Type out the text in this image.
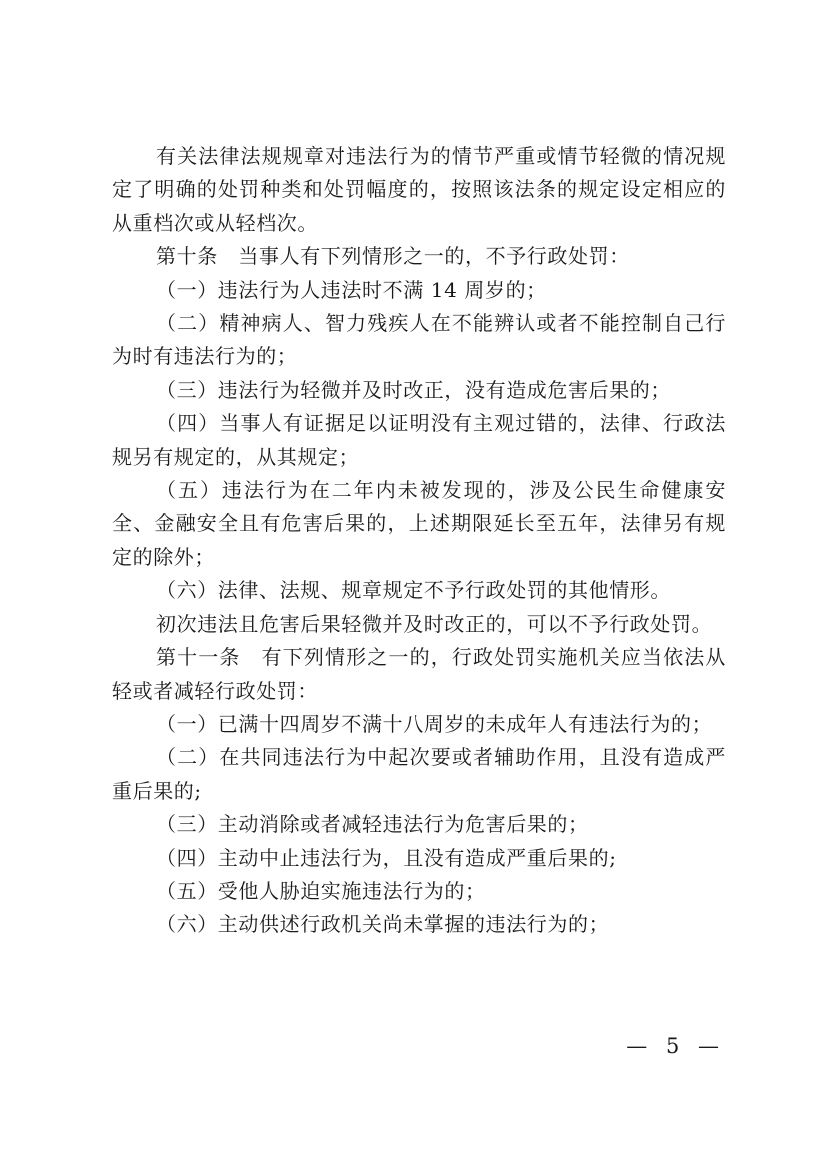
有关法律法规规章对违法行为的情节严重或情节轻微的情况规定了明确的处罚种类和处罚幅度的，按照该法条的规定设定相应的从重档次或从轻档次。

第十条　当事人有下列情形之一的，不予行政处罚：

（一）违法行为人违法时不满 14 周岁的；

（二）精神病人、智力残疾人在不能辨认或者不能控制自己行为时有违法行为的；

（三）违法行为轻微并及时改正，没有造成危害后果的；

（四）当事人有证据足以证明没有主观过错的，法律、行政法规另有规定的，从其规定；

（五）违法行为在二年内未被发现的，涉及公民生命健康安全、金融安全且有危害后果的，上述期限延长至五年，法律另有规定的除外；

（六）法律、法规、规章规定不予行政处罚的其他情形。

初次违法且危害后果轻微并及时改正的，可以不予行政处罚。

第十一条　有下列情形之一的，行政处罚实施机关应当依法从轻或者减轻行政处罚：

（一）已满十四周岁不满十八周岁的未成年人有违法行为的；

（二）在共同违法行为中起次要或者辅助作用，且没有造成严重后果的;

（三）主动消除或者减轻违法行为危害后果的；

（四）主动中止违法行为，且没有造成严重后果的;

（五）受他人胁迫实施违法行为的；

（六）主动供述行政机关尚未掌握的违法行为的；

— 5 —
